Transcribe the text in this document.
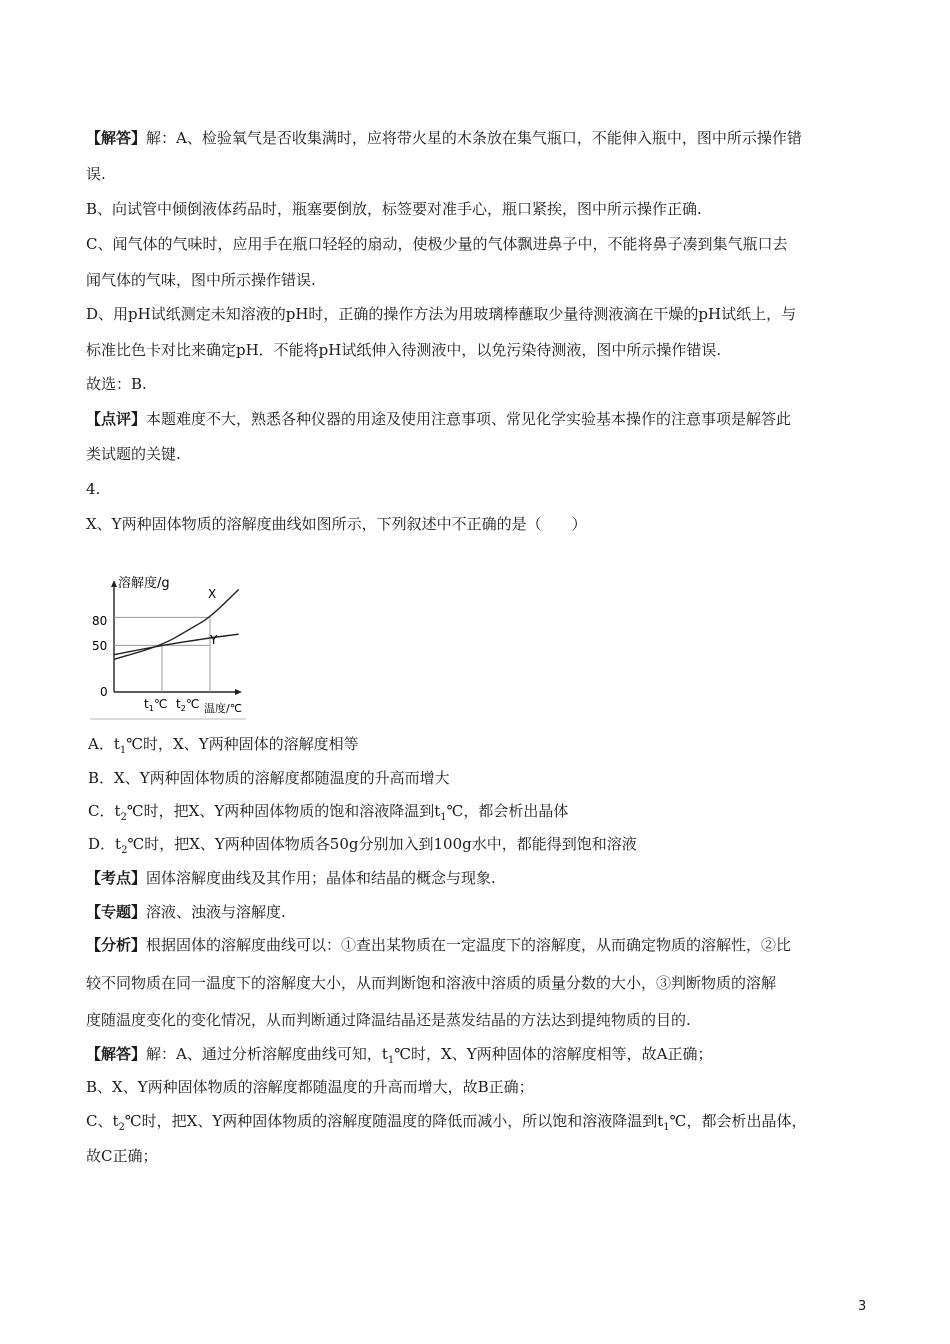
【解答】解：A、检验氧气是否收集满时，应将带火星的木条放在集气瓶口，不能伸入瓶中，图中所示操作错
误.
B、向试管中倾倒液体药品时，瓶塞要倒放，标签要对准手心，瓶口紧挨，图中所示操作正确.
C、闻气体的气味时，应用手在瓶口轻轻的扇动，使极少量的气体飘进鼻子中，不能将鼻子凑到集气瓶口去
闻气体的气味，图中所示操作错误.
D、用pH试纸测定未知溶液的pH时，正确的操作方法为用玻璃棒蘸取少量待测液滴在干燥的pH试纸上，与
标准比色卡对比来确定pH．不能将pH试纸伸入待测液中，以免污染待测液，图中所示操作错误.
故选：B.
【点评】本题难度不大，熟悉各种仪器的用途及使用注意事项、常见化学实验基本操作的注意事项是解答此
类试题的关键.
4.
X、Y两种固体物质的溶解度曲线如图所示，下列叙述中不正确的是（　　）
溶解度/g
温度/℃
0
80
50
$t_1℃$ $t_2℃$
X
Y
A．$t_1℃$时，X、Y两种固体的溶解度相等
B．X、Y两种固体物质的溶解度都随温度的升高而增大
C．$t_2℃$时，把X、Y两种固体物质的饱和溶液降温到$t_1℃$，都会析出晶体
D．$t_2℃$时，把X、Y两种固体物质各50g分别加入到100g水中，都能得到饱和溶液
【考点】固体溶解度曲线及其作用；晶体和结晶的概念与现象.
【专题】溶液、浊液与溶解度.
【分析】根据固体的溶解度曲线可以：①查出某物质在一定温度下的溶解度，从而确定物质的溶解性，②比
较不同物质在同一温度下的溶解度大小，从而判断饱和溶液中溶质的质量分数的大小，③判断物质的溶解
度随温度变化的变化情况，从而判断通过降温结晶还是蒸发结晶的方法达到提纯物质的目的.
【解答】解：A、通过分析溶解度曲线可知，$t_1℃$时，X、Y两种固体的溶解度相等，故A正确；
B、X、Y两种固体物质的溶解度都随温度的升高而增大，故B正确；
C、$t_2℃$时，把X、Y两种固体物质的溶解度随温度的降低而减小，所以饱和溶液降温到$t_1℃$，都会析出晶体，
故C正确；
3
